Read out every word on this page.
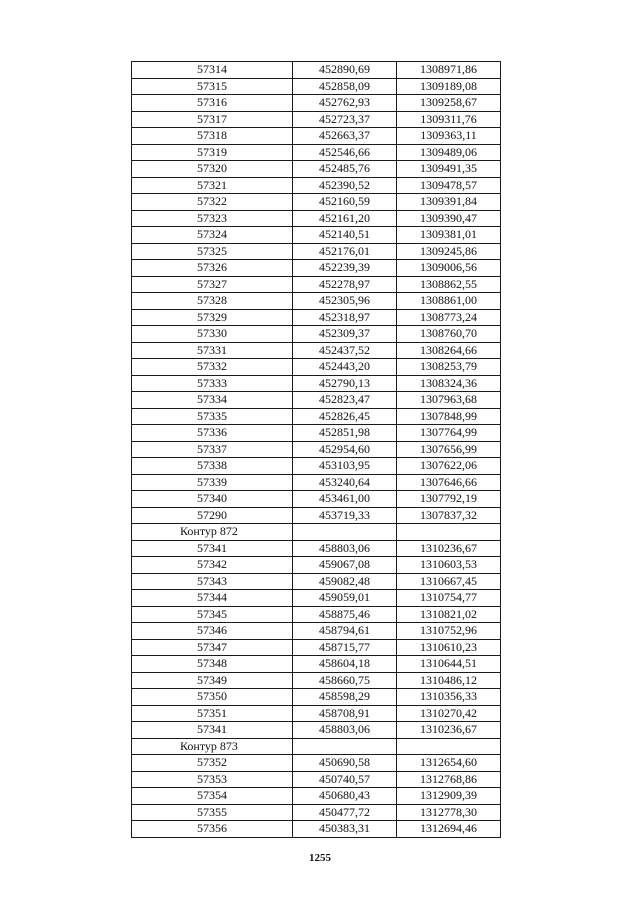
57314	452890,69	1308971,86
57315	452858,09	1309189,08
57316	452762,93	1309258,67
57317	452723,37	1309311,76
57318	452663,37	1309363,11
57319	452546,66	1309489,06
57320	452485,76	1309491,35
57321	452390,52	1309478,57
57322	452160,59	1309391,84
57323	452161,20	1309390,47
57324	452140,51	1309381,01
57325	452176,01	1309245,86
57326	452239,39	1309006,56
57327	452278,97	1308862,55
57328	452305,96	1308861,00
57329	452318,97	1308773,24
57330	452309,37	1308760,70
57331	452437,52	1308264,66
57332	452443,20	1308253,79
57333	452790,13	1308324,36
57334	452823,47	1307963,68
57335	452826,45	1307848,99
57336	452851,98	1307764,99
57337	452954,60	1307656,99
57338	453103,95	1307622,06
57339	453240,64	1307646,66
57340	453461,00	1307792,19
57290	453719,33	1307837,32
Контур 872		
57341	458803,06	1310236,67
57342	459067,08	1310603,53
57343	459082,48	1310667,45
57344	459059,01	1310754,77
57345	458875,46	1310821,02
57346	458794,61	1310752,96
57347	458715,77	1310610,23
57348	458604,18	1310644,51
57349	458660,75	1310486,12
57350	458598,29	1310356,33
57351	458708,91	1310270,42
57341	458803,06	1310236,67
Контур 873		
57352	450690,58	1312654,60
57353	450740,57	1312768,86
57354	450680,43	1312909,39
57355	450477,72	1312778,30
57356	450383,31	1312694,46
1255
